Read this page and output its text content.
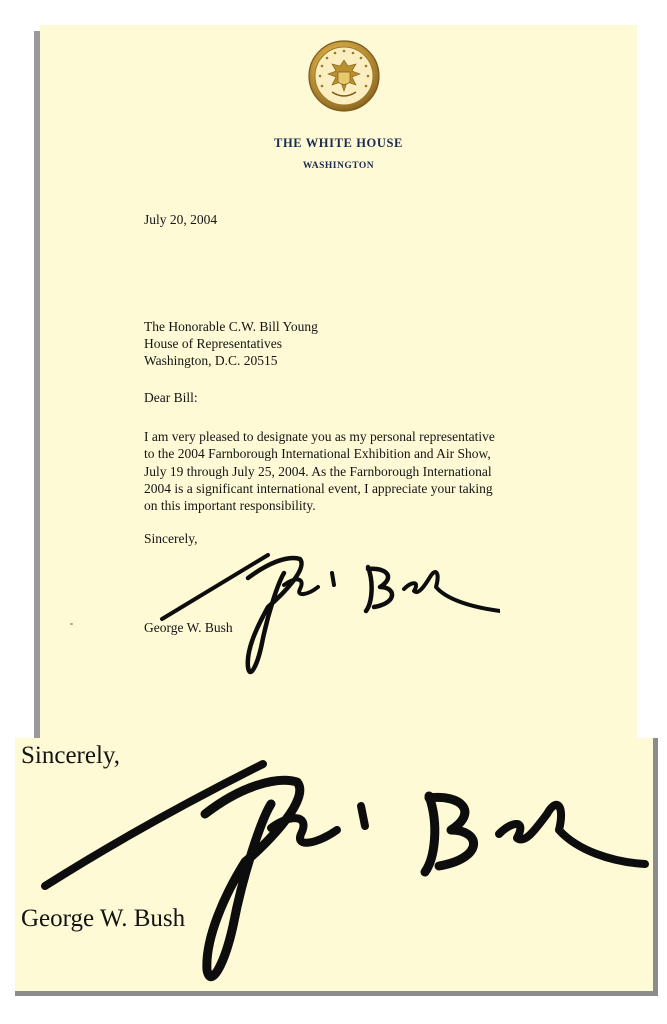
THE WHITE HOUSE
WASHINGTON
July 20, 2004
The Honorable C.W. Bill Young
House of Representatives
Washington, D.C. 20515
Dear Bill:
I am very pleased to designate you as my personal representative
to the 2004 Farnborough International Exhibition and Air Show,
July 19 through July 25, 2004. As the Farnborough International
2004 is a significant international event, I appreciate your taking
on this important responsibility.
Sincerely,
George W. Bush
Sincerely,
George W. Bush
